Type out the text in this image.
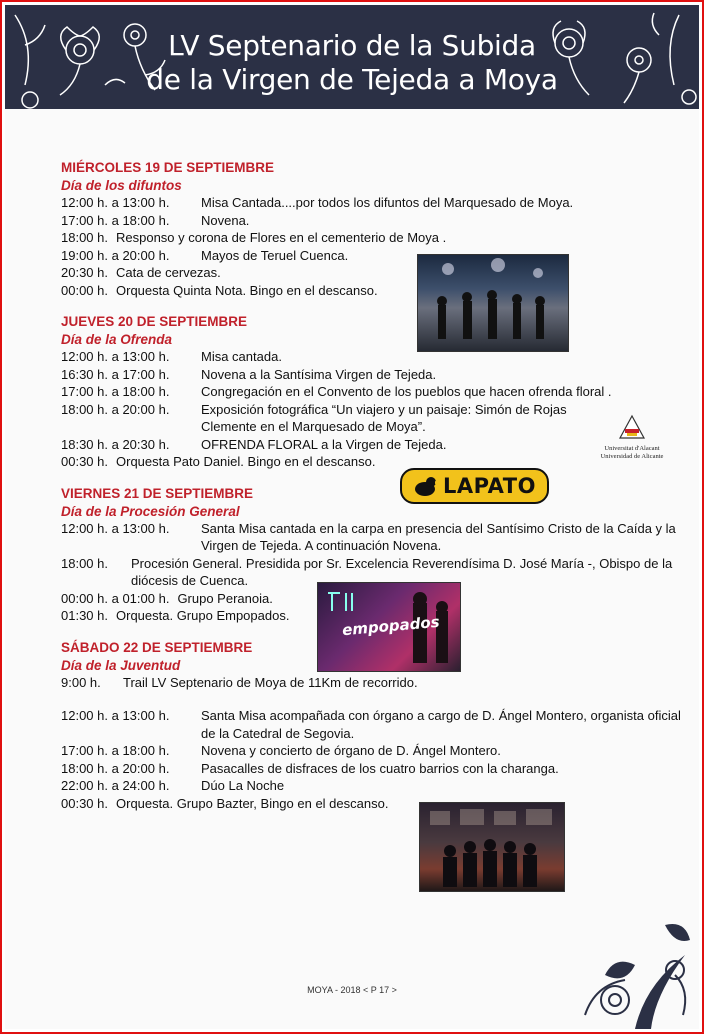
LV Septenario de la Subida
de la Virgen de Tejeda a Moya
MIÉRCOLES 19 DE SEPTIEMBRE
Día de los difuntos
12:00 h. a 13:00 h.	Misa Cantada....por todos los difuntos del Marquesado de Moya.
17:00 h. a 18:00 h.	Novena.
18:00 h. Responso y corona de Flores en el cementerio de Moya .
19:00 h. a 20:00 h.	Mayos de Teruel Cuenca.
20:30 h. Cata de cervezas.
00:00 h. Orquesta Quinta Nota. Bingo en el descanso.
JUEVES 20 DE SEPTIEMBRE
Día de la Ofrenda
12:00 h. a 13:00 h.	Misa cantada.
16:30 h. a 17:00 h.	Novena a la Santísima Virgen de Tejeda.
17:00 h. a 18:00 h.	Congregación en el Convento de los pueblos que hacen ofrenda floral .
18:00 h. a 20:00 h.	Exposición fotográfica “Un viajero y un paisaje: Simón de Rojas Clemente en el Marquesado de Moya”.
18:30 h. a 20:30 h.	OFRENDA FLORAL a la Virgen de Tejeda.
00:30 h. Orquesta Pato Daniel. Bingo en el descanso.
VIERNES 21 DE SEPTIEMBRE
Día de la Procesión General
12:00 h. a 13:00 h.	Santa Misa cantada en la carpa en presencia del Santísimo Cristo de la Caída y la Virgen de Tejeda. A continuación Novena.
18:00 h.	Procesión General. Presidida por Sr. Excelencia Reverendísima D. José María -, Obispo de la diócesis de Cuenca.
00:00 h. a 01:00 h. Grupo Peranoia.
01:30 h. Orquesta. Grupo Empopados.
SÁBADO 22 DE SEPTIEMBRE
Día de la Juventud
9:00 h.	Trail LV Septenario de Moya de 11Km de recorrido.
12:00 h. a 13:00 h.	Santa Misa acompañada con órgano a cargo de D. Ángel Montero, organista oficial de la Catedral de Segovia.
17:00 h. a 18:00 h.	Novena y concierto de órgano de D. Ángel Montero.
18:00 h. a 20:00 h.	Pasacalles de disfraces de los cuatro barrios con la charanga.
22:00 h. a 24:00 h.	Dúo La Noche
00:30 h. Orquesta. Grupo Bazter, Bingo en el descanso.
Universitat d'Alacant
Universidad de Alicante
LAPATO
empopados
MOYA - 2018 < P 17 >
